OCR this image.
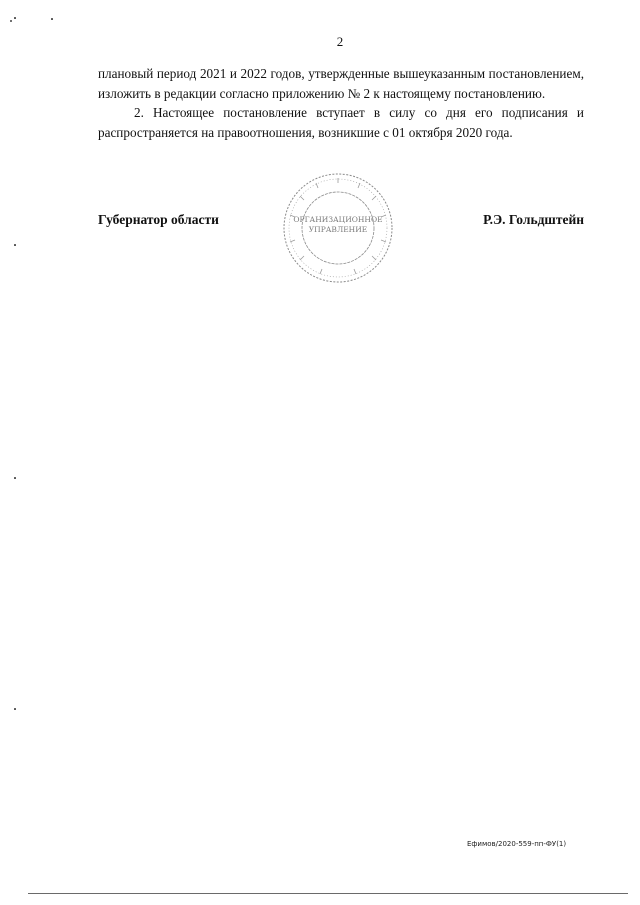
2

плановый период 2021 и 2022 годов, утвержденные вышеуказанным постановлением, изложить в редакции согласно приложению № 2 к настоящему постановлению.

2. Настоящее постановление вступает в силу со дня его подписания и распространяется на правоотношения, возникшие с 01 октября 2020 года.

Губернатор области	Р.Э. Гольдштейн
ОРГАНИЗАЦИОННОЕ
УПРАВЛЕНИЕ
Ефимов/2020-559-пп-ФУ(1)
